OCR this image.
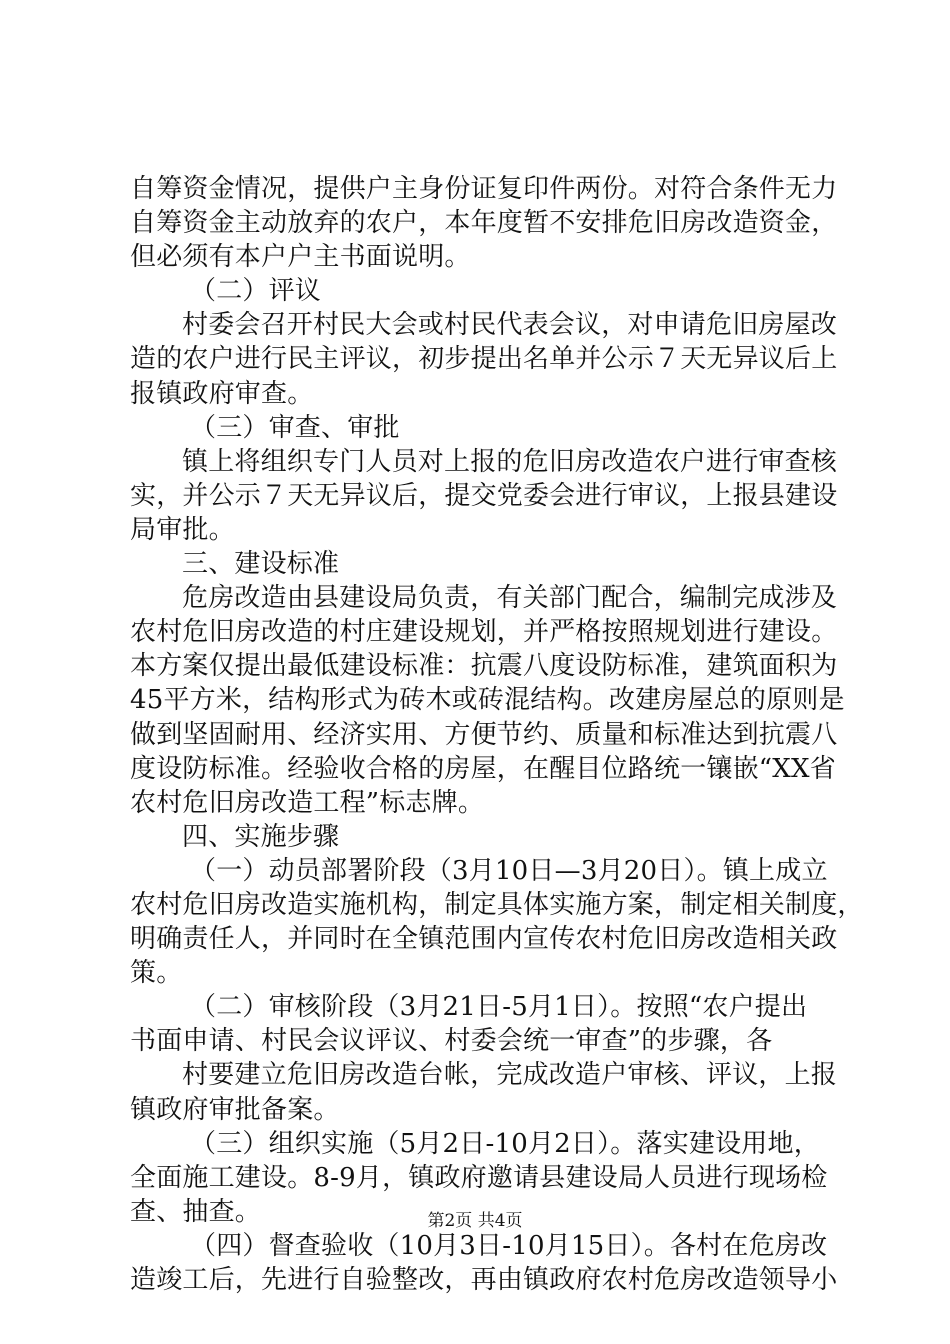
自筹资金情况，提供户主身份证复印件两份。对符合条件无力
自筹资金主动放弃的农户，本年度暂不安排危旧房改造资金，
但必须有本户户主书面说明。
（二）评议
村委会召开村民大会或村民代表会议，对申请危旧房屋改
造的农户进行民主评议，初步提出名单并公示７天无异议后上
报镇政府审查。
（三）审查、审批
镇上将组织专门人员对上报的危旧房改造农户进行审查核
实，并公示７天无异议后，提交党委会进行审议，上报县建设
局审批。
三、建设标准
危房改造由县建设局负责，有关部门配合，编制完成涉及
农村危旧房改造的村庄建设规划，并严格按照规划进行建设。
本方案仅提出最低建设标准：抗震八度设防标准，建筑面积为
45平方米，结构形式为砖木或砖混结构。改建房屋总的原则是
做到坚固耐用、经济实用、方便节约、质量和标准达到抗震八
度设防标准。经验收合格的房屋，在醒目位路统一镶嵌“XX省
农村危旧房改造工程”标志牌。
四、实施步骤
（一）动员部署阶段（3月10日—3月20日）。镇上成立
农村危旧房改造实施机构，制定具体实施方案，制定相关制度，
明确责任人，并同时在全镇范围内宣传农村危旧房改造相关政
策。
（二）审核阶段（3月21日-5月1日）。按照“农户提出
书面申请、村民会议评议、村委会统一审查”的步骤，各
村要建立危旧房改造台帐，完成改造户审核、评议，上报
镇政府审批备案。
（三）组织实施（5月2日-10月2日）。落实建设用地，
全面施工建设。8-9月，镇政府邀请县建设局人员进行现场检
查、抽查。
（四）督查验收（10月3日-10月15日）。各村在危房改
造竣工后，先进行自验整改，再由镇政府农村危房改造领导小
第2页 共4页
